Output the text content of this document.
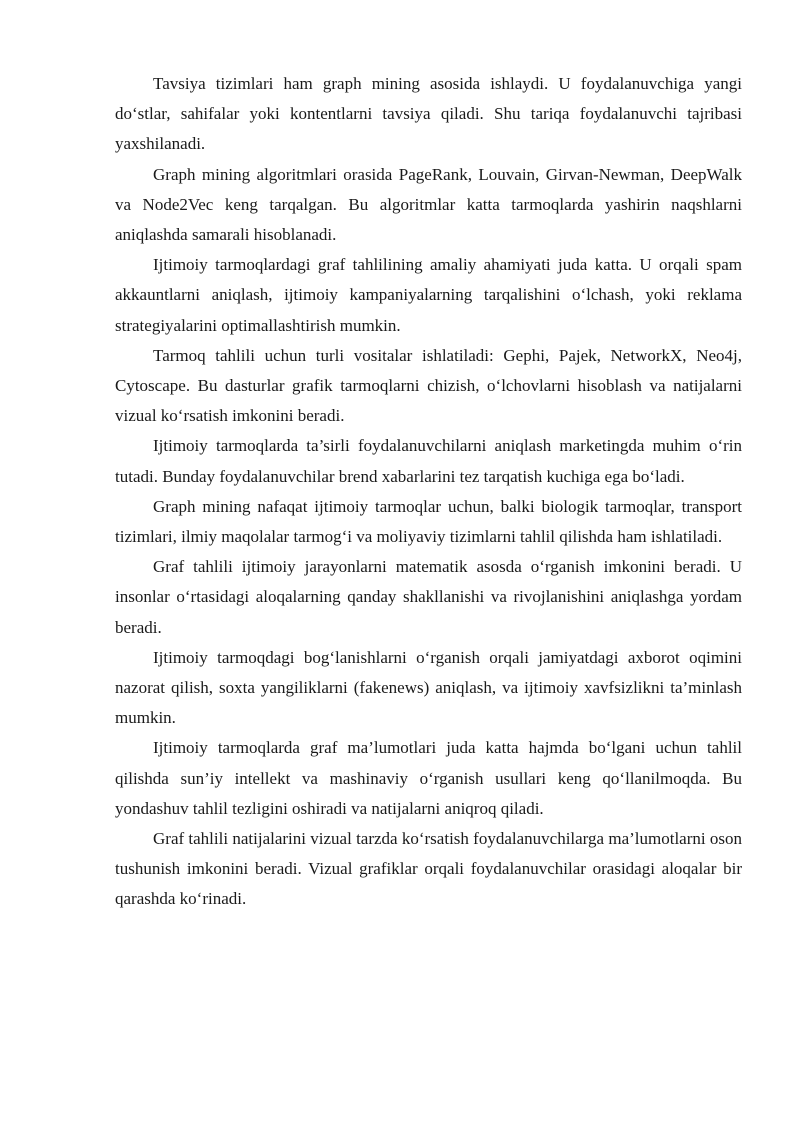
Tavsiya tizimlari ham graph mining asosida ishlaydi. U foydalanuvchiga yangi do‘stlar, sahifalar yoki kontentlarni tavsiya qiladi. Shu tariqa foydalanuvchi tajribasi yaxshilanadi.

Graph mining algoritmlari orasida PageRank, Louvain, Girvan-Newman, DeepWalk va Node2Vec keng tarqalgan. Bu algoritmlar katta tarmoqlarda yashirin naqshlarni aniqlashda samarali hisoblanadi.

Ijtimoiy tarmoqlardagi graf tahlilining amaliy ahamiyati juda katta. U orqali spam akkauntlarni aniqlash, ijtimoiy kampaniyalarning tarqalishini o‘lchash, yoki reklama strategiyalarini optimallashtirish mumkin.

Tarmoq tahlili uchun turli vositalar ishlatiladi: Gephi, Pajek, NetworkX, Neo4j, Cytoscape. Bu dasturlar grafik tarmoqlarni chizish, o‘lchovlarni hisoblash va natijalarni vizual ko‘rsatish imkonini beradi.

Ijtimoiy tarmoqlarda ta’sirli foydalanuvchilarni aniqlash marketingda muhim o‘rin tutadi. Bunday foydalanuvchilar brend xabarlarini tez tarqatish kuchiga ega bo‘ladi.

Graph mining nafaqat ijtimoiy tarmoqlar uchun, balki biologik tarmoqlar, transport tizimlari, ilmiy maqolalar tarmog‘i va moliyaviy tizimlarni tahlil qilishda ham ishlatiladi.

Graf tahlili ijtimoiy jarayonlarni matematik asosda o‘rganish imkonini beradi. U insonlar o‘rtasidagi aloqalarning qanday shakllanishi va rivojlanishini aniqlashga yordam beradi.

Ijtimoiy tarmoqdagi bog‘lanishlarni o‘rganish orqali jamiyatdagi axborot oqimini nazorat qilish, soxta yangiliklarni (fakenews) aniqlash, va ijtimoiy xavfsizlikni ta’minlash mumkin.

Ijtimoiy tarmoqlarda graf ma’lumotlari juda katta hajmda bo‘lgani uchun tahlil qilishda sun’iy intellekt va mashinaviy o‘rganish usullari keng qo‘llanilmoqda. Bu yondashuv tahlil tezligini oshiradi va natijalarni aniqroq qiladi.

Graf tahlili natijalarini vizual tarzda ko‘rsatish foydalanuvchilarga ma’lumotlarni oson tushunish imkonini beradi. Vizual grafiklar orqali foydalanuvchilar orasidagi aloqalar bir qarashda ko‘rinadi.
